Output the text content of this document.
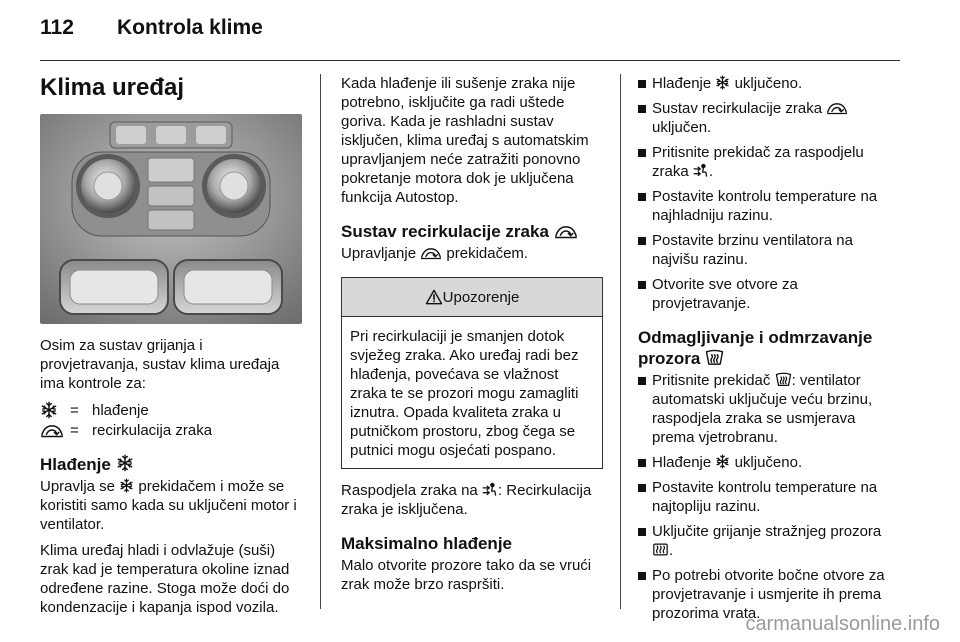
112 Kontrola klime
Klima uređaj

Osim za sustav grijanja i provjetravanja, sustav klima uređaja ima kontrole za:

= hlađenje
= recirkulacija zraka
Hlađenje

Upravlja se prekidačem i može se koristiti samo kada su uključeni motor i ventilator.

Klima uređaj hladi i odvlažuje (suši) zrak kad je temperatura okoline iznad određene razine. Stoga može doći do kondenzacije i kapanja ispod vozila.

Kada hlađenje ili sušenje zraka nije potrebno, isključite ga radi uštede goriva. Kada je rashladni sustav isključen, klima uređaj s automatskim upravljanjem neće zatražiti ponovno pokretanje motora dok je uključena funkcija Autostop.

Sustav recirkulacije zraka

Upravljanje prekidačem.

Upozorenje
Pri recirkulaciji je smanjen dotok svježeg zraka. Ako uređaj radi bez hlađenja, povećava se vlažnost zraka te se prozori mogu zamagliti iznutra. Opada kvaliteta zraka u putničkom prostoru, zbog čega se putnici mogu osjećati pospano.

Raspodjela zraka na : Recirkulacija zraka je isključena.

Maksimalno hlađenje

Malo otvorite prozore tako da se vrući zrak može brzo raspršiti.

Hlađenje uključeno.
Sustav recirkulacije zraka  uključen.
Pritisnite prekidač za raspodjelu zraka .
Postavite kontrolu temperature na najhladniju razinu.
Postavite brzinu ventilatora na najvišu razinu.
Otvorite sve otvore za provjetravanje.
Odmagljivanje i odmrzavanje prozora
Pritisnite prekidač : ventilator automatski uključuje veću brzinu, raspodjela zraka se usmjerava prema vjetrobranu.
Hlađenje uključeno.
Postavite kontrolu temperature na najtopliju razinu.
Uključite grijanje stražnjeg prozora .
Po potrebi otvorite bočne otvore za provjetravanje i usmjerite ih prema prozorima vrata.
carmanualsonline.info
